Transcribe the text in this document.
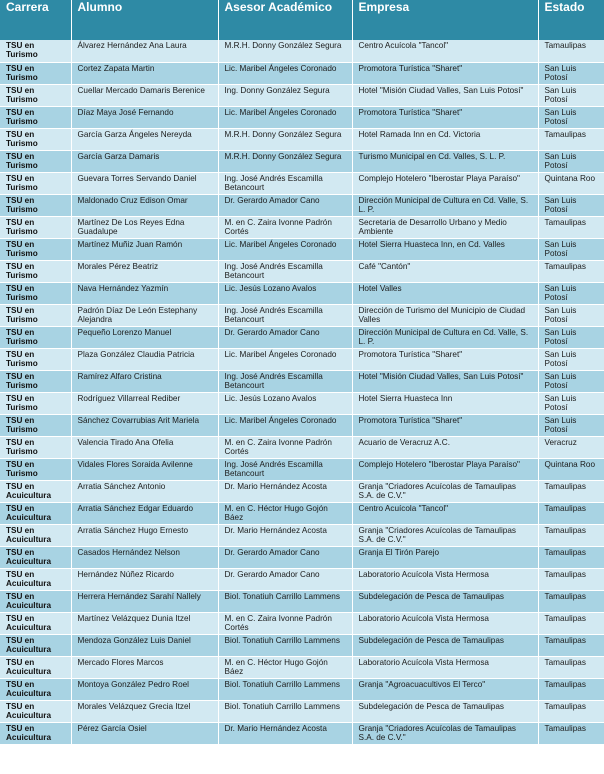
Carrera	Alumno	Asesor Académico	Empresa	Estado
TSU en Turismo	Álvarez Hernández Ana Laura	M.R.H. Donny González Segura	Centro Acuícola "Tancol"	Tamaulipas
TSU en Turismo	Cortez Zapata Martin	Lic. Maribel Ángeles Coronado	Promotora Turística "Sharet"	San Luis Potosí
TSU en Turismo	Cuellar Mercado Damaris Berenice	Ing. Donny González Segura	Hotel "Misión Ciudad Valles, San Luis Potosí"	San Luis Potosí
TSU en Turismo	Díaz Maya José Fernando	Lic. Maribel Ángeles Coronado	Promotora Turística "Sharet"	San Luis Potosí
TSU en Turismo	García Garza Ángeles Nereyda	M.R.H. Donny González Segura	Hotel Ramada Inn en Cd. Victoria	Tamaulipas
TSU en Turismo	García Garza Damaris	M.R.H. Donny González Segura	Turismo Municipal en Cd. Valles, S. L. P.	San Luis Potosí
TSU en Turismo	Guevara Torres Servando Daniel	Ing. José Andrés Escamilla Betancourt	Complejo Hotelero "Iberostar Playa Paraíso"	Quintana Roo
TSU en Turismo	Maldonado Cruz Edison Omar	Dr. Gerardo Amador Cano	Dirección Municipal de Cultura en Cd. Valle, S. L. P.	San Luis Potosí
TSU en Turismo	Martínez De Los Reyes Edna Guadalupe	M. en C. Zaira Ivonne Padrón Cortés	Secretaria de Desarrollo Urbano y Medio Ambiente	Tamaulipas
TSU en Turismo	Martínez Muñiz Juan Ramón	Lic. Maribel Ángeles Coronado	Hotel Sierra Huasteca Inn, en Cd. Valles	San Luis Potosí
TSU en Turismo	Morales Pérez Beatriz	Ing. José Andrés Escamilla Betancourt	Café "Cantón"	Tamaulipas
TSU en Turismo	Nava Hernández Yazmín	Lic. Jesús Lozano Avalos	Hotel Valles	San Luis Potosí
TSU en Turismo	Padrón Díaz De León Estephany Alejandra	Ing. José Andrés Escamilla Betancourt	Dirección de Turismo del Municipio de Ciudad Valles	San Luis Potosí
TSU en Turismo	Pequeño Lorenzo Manuel	Dr. Gerardo Amador Cano	Dirección Municipal de Cultura en Cd. Valle, S. L. P.	San Luis Potosí
TSU en Turismo	Plaza González Claudia Patricia	Lic. Maribel Ángeles Coronado	Promotora Turística "Sharet"	San Luis Potosí
TSU en Turismo	Ramírez Alfaro Cristina	Ing. José Andrés Escamilla Betancourt	Hotel "Misión Ciudad Valles, San Luis Potosí"	San Luis Potosí
TSU en Turismo	Rodríguez Villarreal Rediber	Lic. Jesús Lozano Avalos	Hotel Sierra Huasteca Inn	San Luis Potosí
TSU en Turismo	Sánchez Covarrubias Arit Mariela	Lic. Maribel Ángeles Coronado	Promotora Turística "Sharet"	San Luis Potosí
TSU en Turismo	Valencia Tirado Ana Ofelia	M. en C. Zaira Ivonne Padrón Cortés	Acuario de Veracruz A.C.	Veracruz
TSU en Turismo	Vidales Flores Soraida Avilenne	Ing. José Andrés Escamilla Betancourt	Complejo Hotelero "Iberostar Playa Paraíso"	Quintana Roo
TSU en Acuicultura	Arratia Sánchez Antonio	Dr. Mario Hernández Acosta	Granja "Criadores Acuícolas de Tamaulipas S.A. de C.V."	Tamaulipas
TSU en Acuicultura	Arratia Sánchez Edgar Eduardo	M. en C. Héctor Hugo Gojón Báez	Centro Acuícola "Tancol"	Tamaulipas
TSU en Acuicultura	Arratia Sánchez Hugo Ernesto	Dr. Mario Hernández Acosta	Granja "Criadores Acuícolas de Tamaulipas S.A. de C.V."	Tamaulipas
TSU en Acuicultura	Casados Hernández Nelson	Dr. Gerardo Amador Cano	Granja El Tirón Parejo	Tamaulipas
TSU en Acuicultura	Hernández Núñez Ricardo	Dr. Gerardo Amador Cano	Laboratorio Acuícola Vista Hermosa	Tamaulipas
TSU en Acuicultura	Herrera Hernández Sarahí Nallely	Biol. Tonatiuh Carrillo Lammens	Subdelegación de Pesca de Tamaulipas	Tamaulipas
TSU en Acuicultura	Martínez Velázquez Dunia Itzel	M. en C. Zaira Ivonne Padrón Cortés	Laboratorio Acuícola Vista Hermosa	Tamaulipas
TSU en Acuicultura	Mendoza González Luis Daniel	Biol. Tonatiuh Carrillo Lammens	Subdelegación de Pesca de Tamaulipas	Tamaulipas
TSU en Acuicultura	Mercado Flores Marcos	M. en C. Héctor Hugo Gojón Báez	Laboratorio Acuícola Vista Hermosa	Tamaulipas
TSU en Acuicultura	Montoya González Pedro Roel	Biol. Tonatiuh Carrillo Lammens	Granja "Agroacuacultivos El Terco"	Tamaulipas
TSU en Acuicultura	Morales Velázquez Grecia Itzel	Biol. Tonatiuh Carrillo Lammens	Subdelegación de Pesca de Tamaulipas	Tamaulipas
TSU en Acuicultura	Pérez García Osiel	Dr. Mario Hernández Acosta	Granja "Criadores Acuícolas de Tamaulipas S.A. de C.V."	Tamaulipas
